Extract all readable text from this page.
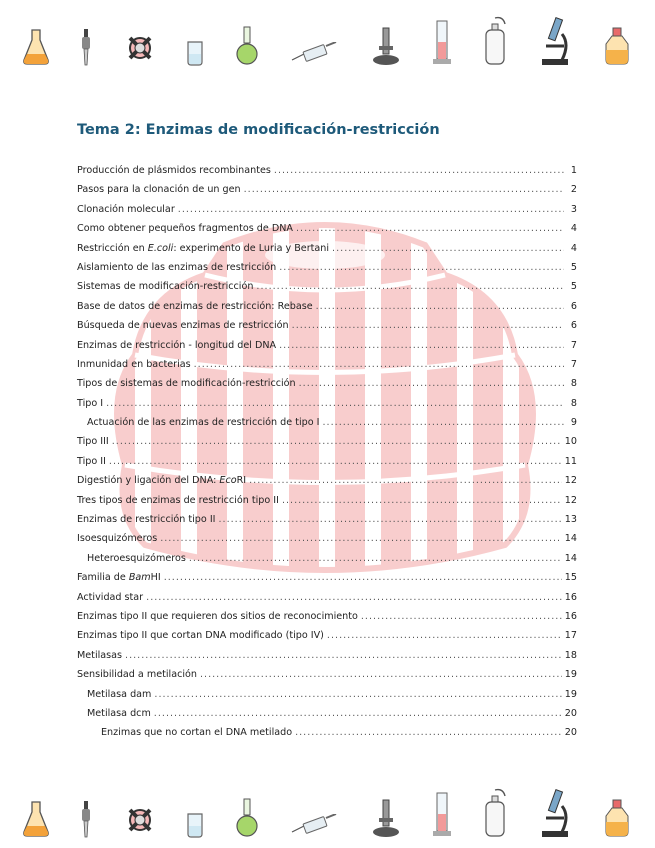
Tema 2: Enzimas de modificación-restricción
Producción de plásmidos recombinantes .....	1
Pasos para la clonación de un gen .....	2
Clonación molecular .....	3
Como obtener pequeños fragmentos de DNA .....	4
Restricción en E.coli: experimento de Luria y Bertani .....	4
Aislamiento de las enzimas de restricción .....	5
Sistemas de modificación-restricción .....	5
Base de datos de enzimas de restricción: Rebase .....	6
Búsqueda de nuevas enzimas de restricción .....	6
Enzimas de restricción - longitud del DNA .....	7
Inmunidad en bacterias .....	7
Tipos de sistemas de modificación-restricción .....	8
Tipo I .....	8
Actuación de las enzimas de restricción de tipo I .....	9
Tipo III .....	10
Tipo II .....	11
Digestión y ligación del DNA: EcoRI .....	12
Tres tipos de enzimas de restricción tipo II .....	12
Enzimas de restricción tipo II .....	13
Isoesquizómeros .....	14
Heteroesquizómeros .....	14
Familia de BamHI .....	15
Actividad star .....	16
Enzimas tipo II que requieren dos sitios de reconocimiento .....	16
Enzimas tipo II que cortan DNA modificado (tipo IV) .....	17
Metilasas .....	18
Sensibilidad a metilación .....	19
Metilasa dam .....	19
Metilasa dcm .....	20
Enzimas que no cortan el DNA metilado .....	20
